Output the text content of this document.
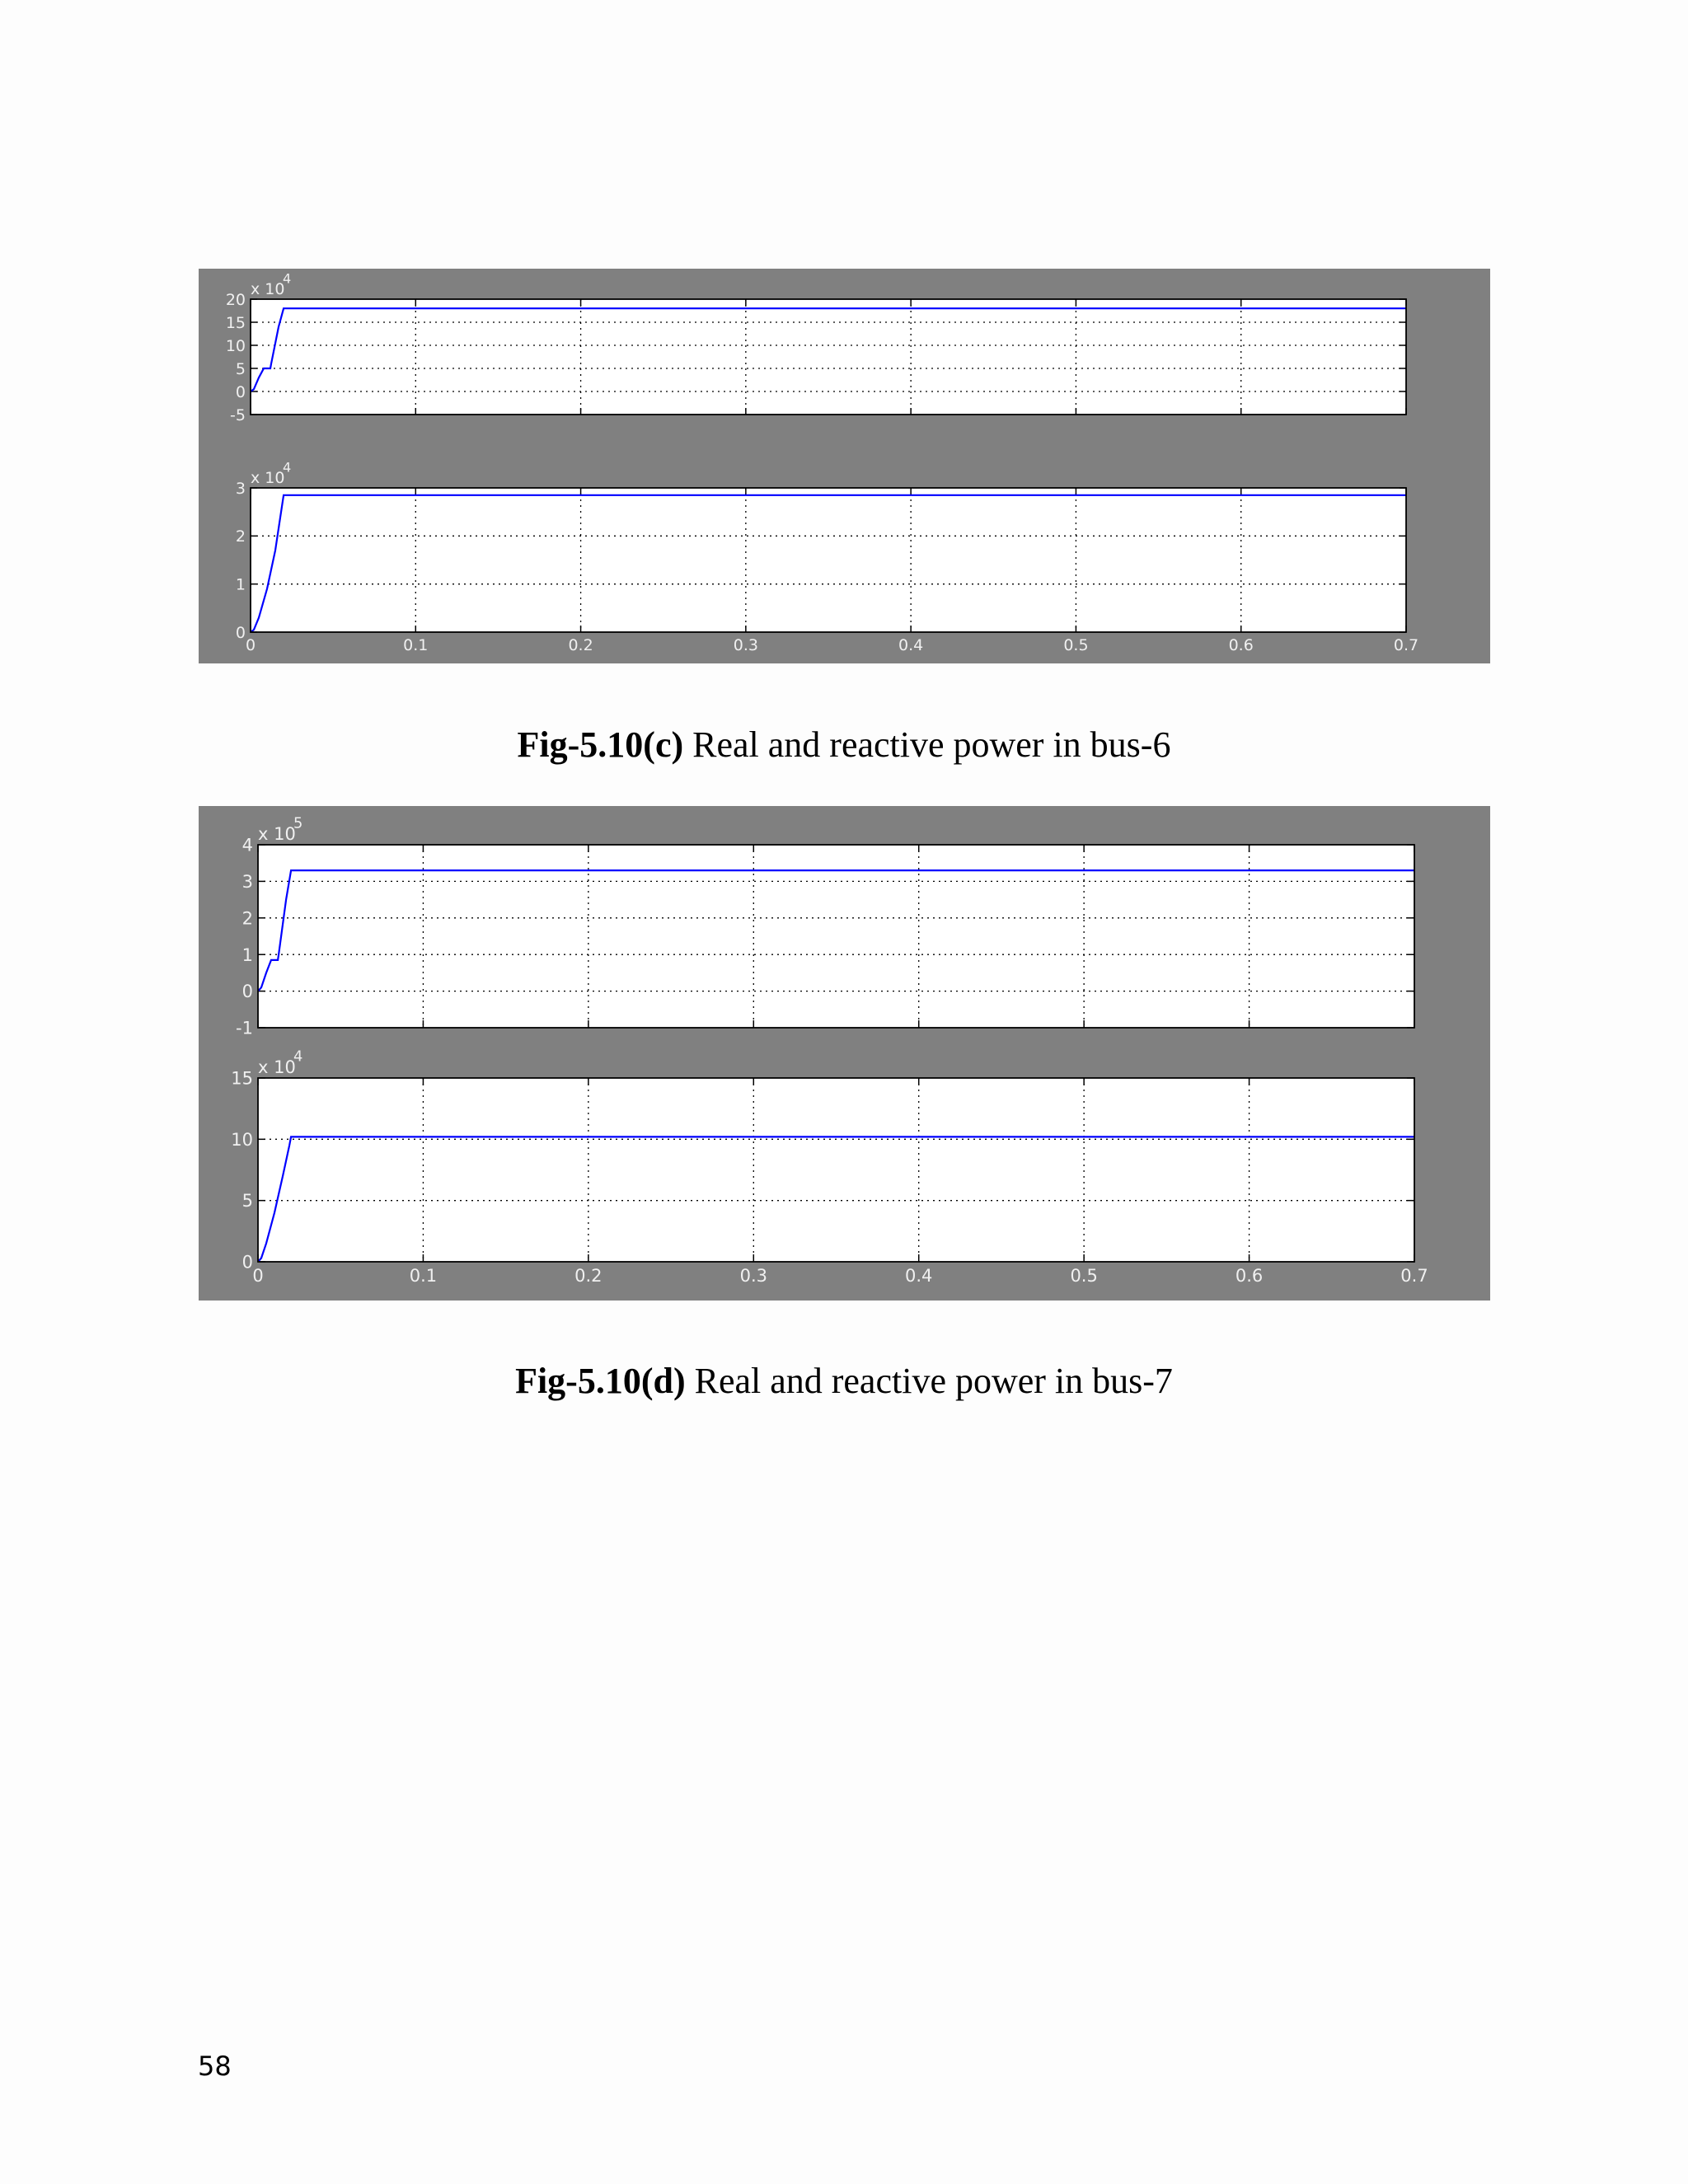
20
15
10
5
0
-5
x 10
4
0	0.1	0.2	0.3	0.4	0.5	0.6	0.7
3
2
1
0
x 10
4
Fig-5.10(c) Real and reactive power in bus-6
4
3
2
1
0
-1
x 10
5
0	0.1	0.2	0.3	0.4	0.5	0.6	0.7
15
10
5
0
x 10
4
Fig-5.10(d) Real and reactive power in bus-7
58
